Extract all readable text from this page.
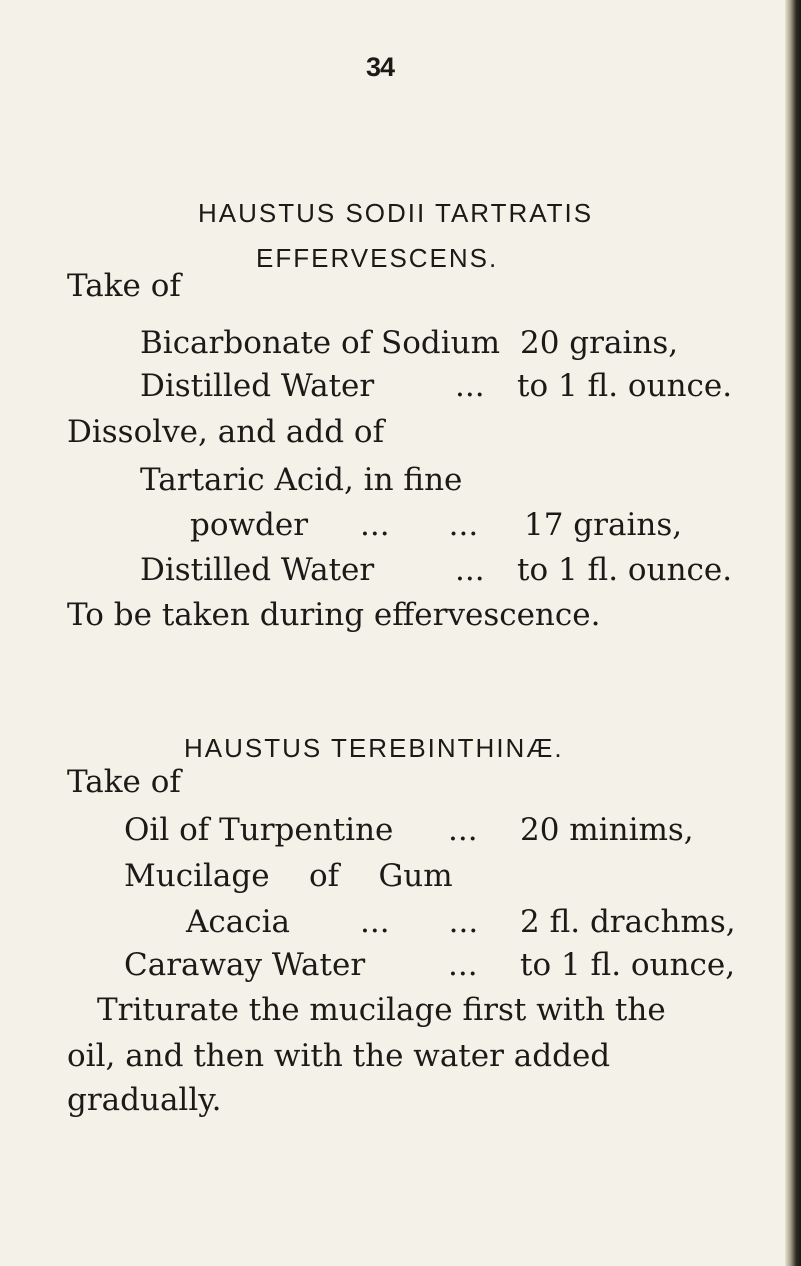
34
HAUSTUS SODII TARTRATIS
EFFERVESCENS.
Take of
Bicarbonate of Sodium 20 grains,
Distilled Water	... to 1 fl. ounce.
Dissolve, and add of
Tartaric Acid, in fine
powder ...      ... 17 grains,
Distilled Water	... to 1 fl. ounce.
To be taken during effervescence.
HAUSTUS TEREBINTHINÆ.
Take of
Oil of Turpentine ... 20 minims,
Mucilage    of    Gum
Acacia ...      ... 2 fl. drachms,
Caraway Water	... to 1 fl. ounce,
Triturate the mucilage first with the
oil, and then with the water added
gradually.
